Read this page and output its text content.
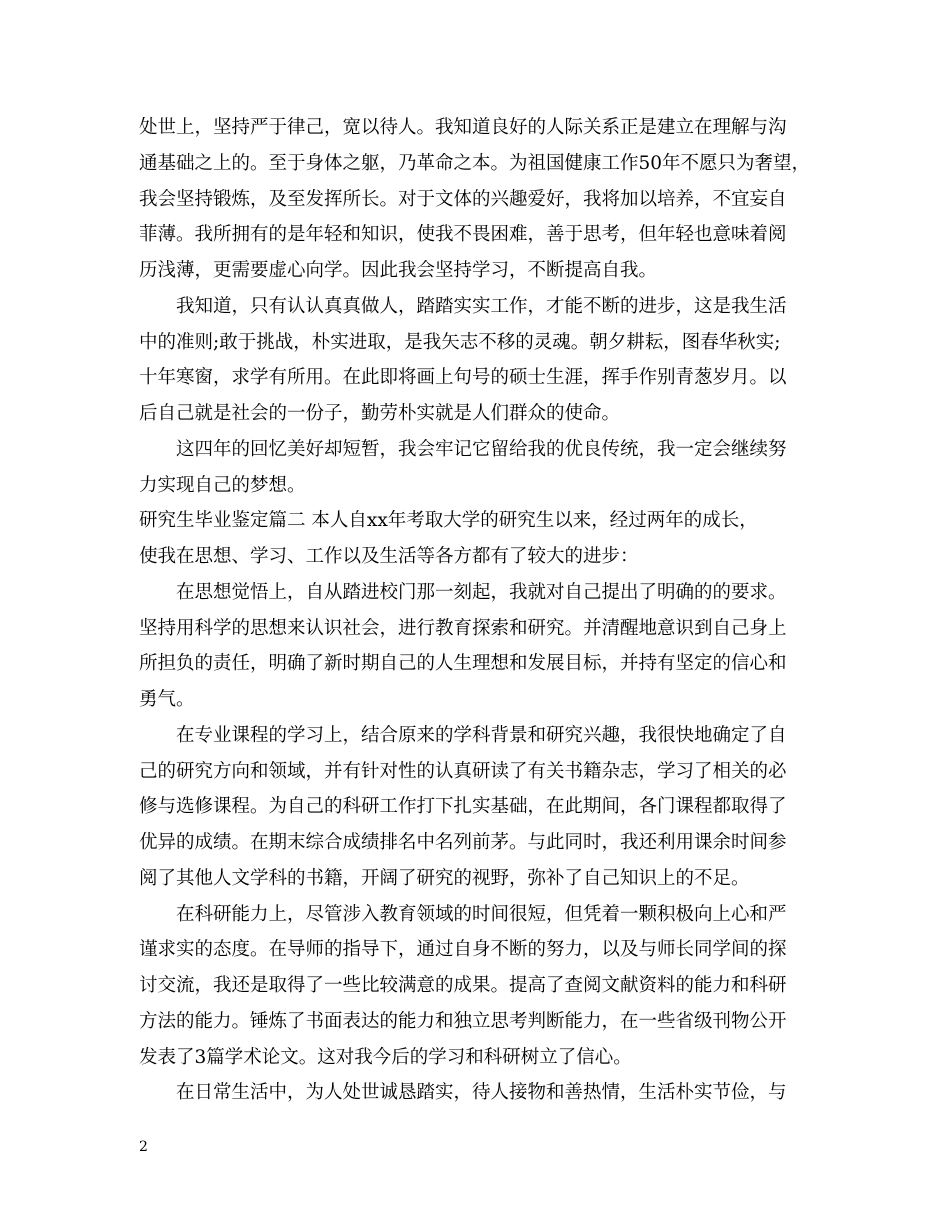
处世上，坚持严于律己，宽以待人。我知道良好的人际关系正是建立在理解与沟
通基础之上的。至于身体之躯，乃革命之本。为祖国健康工作50年不愿只为奢望，
我会坚持锻炼，及至发挥所长。对于文体的兴趣爱好，我将加以培养，不宜妄自
菲薄。我所拥有的是年轻和知识，使我不畏困难，善于思考，但年轻也意味着阅
历浅薄，更需要虚心向学。因此我会坚持学习，不断提高自我。
我知道，只有认认真真做人，踏踏实实工作，才能不断的进步，这是我生活
中的准则;敢于挑战，朴实进取，是我矢志不移的灵魂。朝夕耕耘，图春华秋实;
十年寒窗，求学有所用。在此即将画上句号的硕士生涯，挥手作别青葱岁月。以
后自己就是社会的一份子，勤劳朴实就是人们群众的使命。
这四年的回忆美好却短暂，我会牢记它留给我的优良传统，我一定会继续努
力实现自己的梦想。
研究生毕业鉴定篇二 本人自xx年考取大学的研究生以来，经过两年的成长，
使我在思想、学习、工作以及生活等各方都有了较大的进步：
在思想觉悟上，自从踏进校门那一刻起，我就对自己提出了明确的的要求。
坚持用科学的思想来认识社会，进行教育探索和研究。并清醒地意识到自己身上
所担负的责任，明确了新时期自己的人生理想和发展目标，并持有坚定的信心和
勇气。
在专业课程的学习上，结合原来的学科背景和研究兴趣，我很快地确定了自
己的研究方向和领域，并有针对性的认真研读了有关书籍杂志，学习了相关的必
修与选修课程。为自己的科研工作打下扎实基础，在此期间，各门课程都取得了
优异的成绩。在期末综合成绩排名中名列前茅。与此同时，我还利用课余时间参
阅了其他人文学科的书籍，开阔了研究的视野，弥补了自己知识上的不足。
在科研能力上，尽管涉入教育领域的时间很短，但凭着一颗积极向上心和严
谨求实的态度。在导师的指导下，通过自身不断的努力，以及与师长同学间的探
讨交流，我还是取得了一些比较满意的成果。提高了查阅文献资料的能力和科研
方法的能力。锤炼了书面表达的能力和独立思考判断能力，在一些省级刊物公开
发表了3篇学术论文。这对我今后的学习和科研树立了信心。
在日常生活中，为人处世诚恳踏实，待人接物和善热情，生活朴实节俭，与
2
